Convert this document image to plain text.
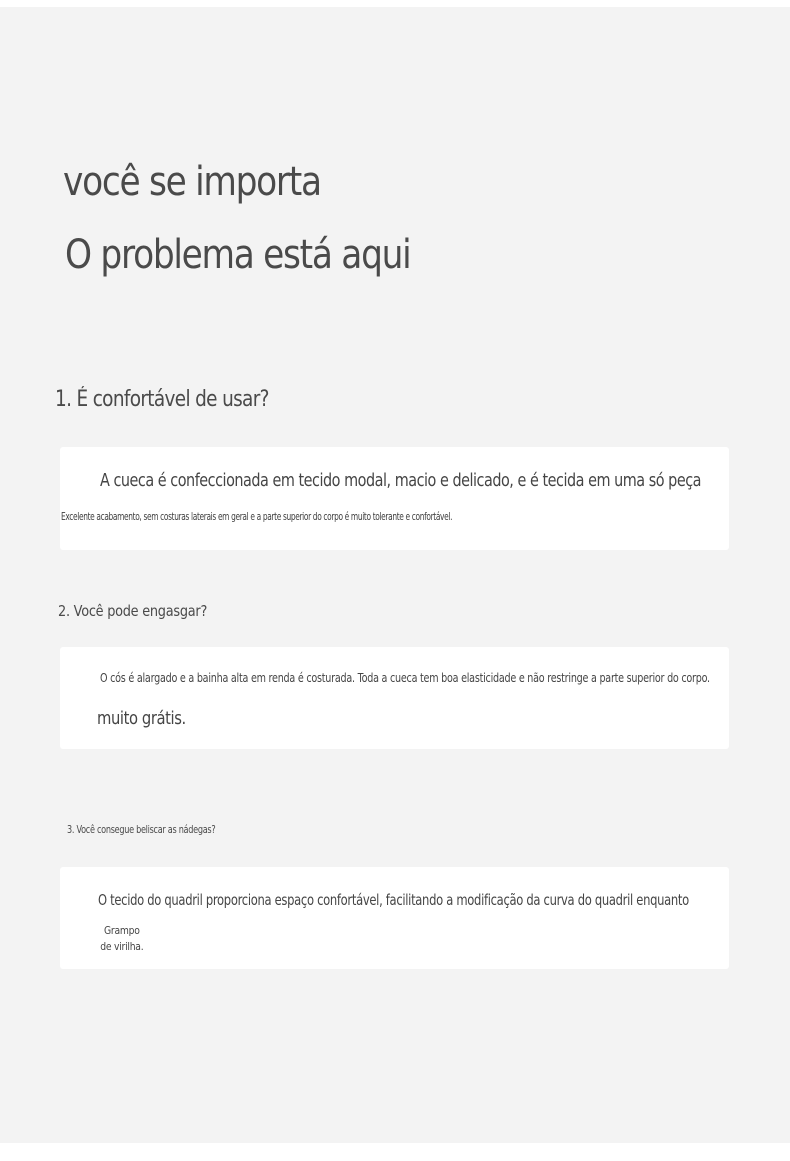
você se importa
O problema está aqui
1. É confortável de usar?

A cueca é confeccionada em tecido modal, macio e delicado, e é tecida em uma só peça

Excelente acabamento, sem costuras laterais em geral e a parte superior do corpo é muito tolerante e confortável.

2. Você pode engasgar?

O cós é alargado e a bainha alta em renda é costurada. Toda a cueca tem boa elasticidade e não restringe a parte superior do corpo.

muito grátis.

3. Você consegue beliscar as nádegas?

O tecido do quadril proporciona espaço confortável, facilitando a modificação da curva do quadril enquanto

Grampo de virilha.
